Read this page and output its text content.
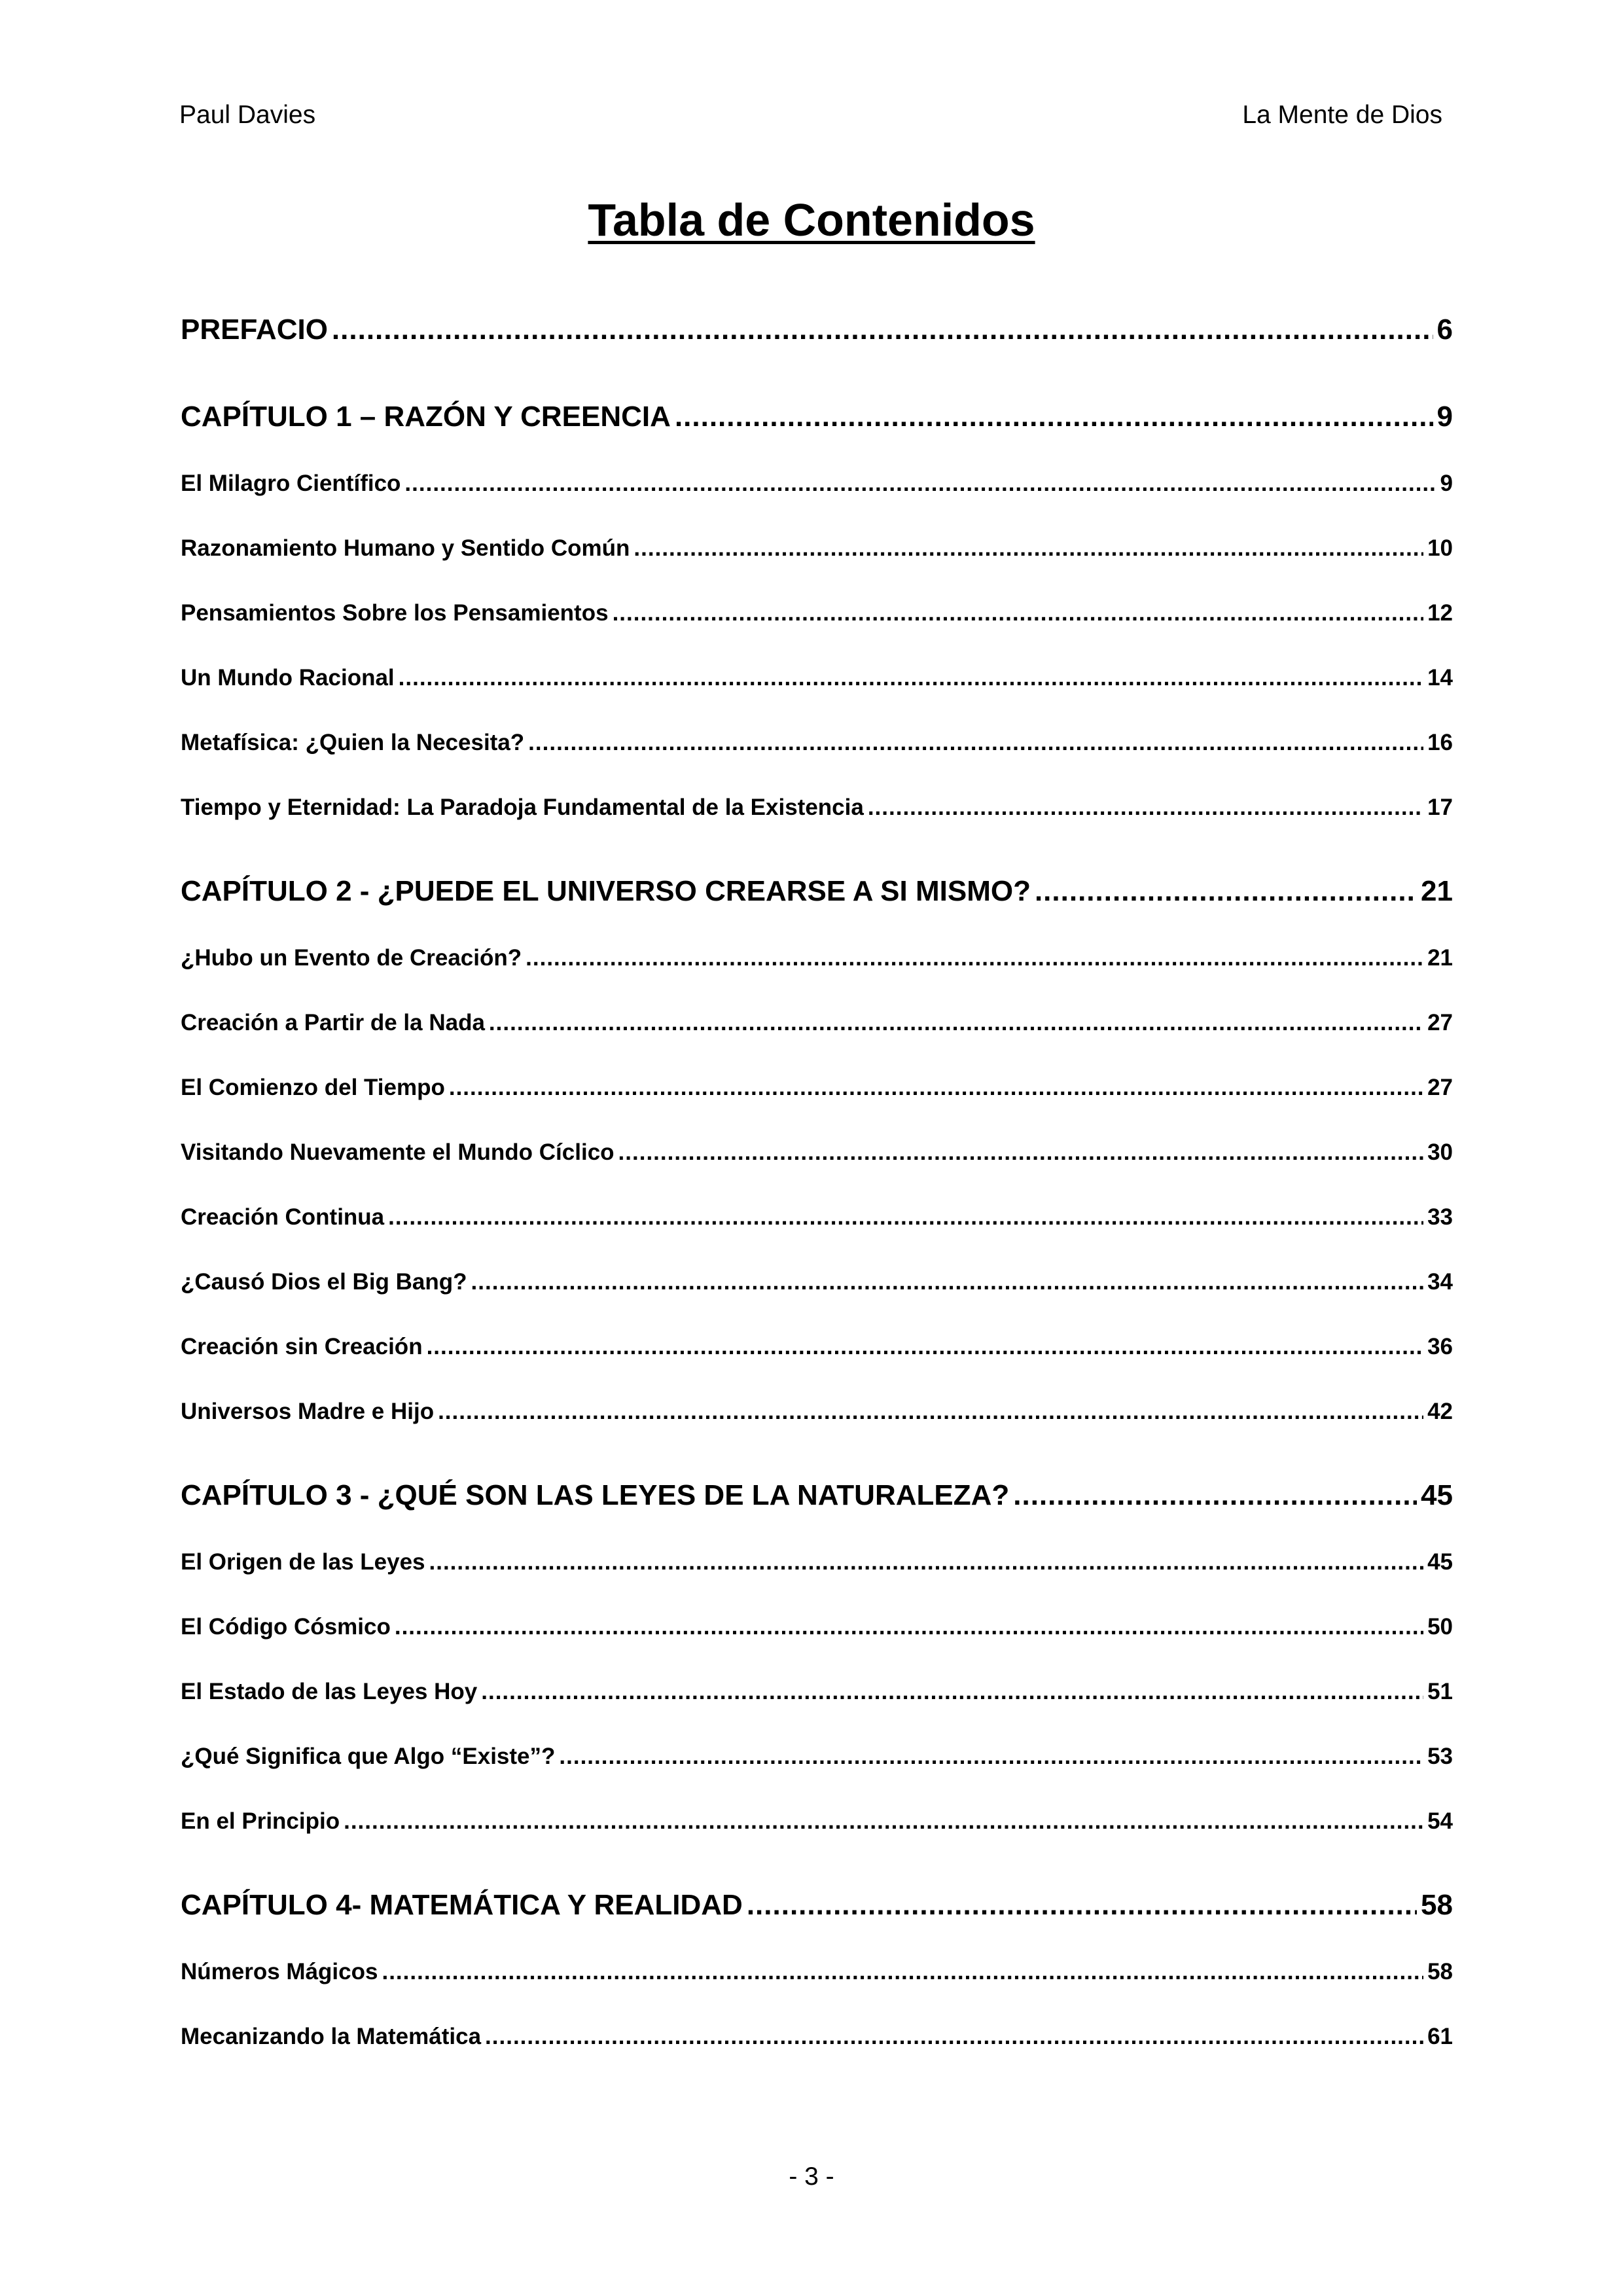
Paul Davies	La Mente de Dios
Tabla de Contenidos
PREFACIO .....	6
CAPÍTULO 1 – RAZÓN Y CREENCIA .....	9
El Milagro Científico .....	9
Razonamiento Humano y Sentido Común .....	10
Pensamientos Sobre los Pensamientos .....	12
Un Mundo Racional .....	14
Metafísica: ¿Quien la Necesita? .....	16
Tiempo y Eternidad: La Paradoja Fundamental de la Existencia .....	17
CAPÍTULO 2 - ¿PUEDE EL UNIVERSO CREARSE A SI MISMO? .....	21
¿Hubo un Evento de Creación? .....	21
Creación a Partir de la Nada .....	27
El Comienzo del Tiempo .....	27
Visitando Nuevamente el Mundo Cíclico .....	30
Creación Continua .....	33
¿Causó Dios el Big Bang? .....	34
Creación sin Creación .....	36
Universos Madre e Hijo .....	42
CAPÍTULO 3 - ¿QUÉ SON LAS LEYES DE LA NATURALEZA? .....	45
El Origen de las Leyes .....	45
El Código Cósmico .....	50
El Estado de las Leyes Hoy .....	51
¿Qué Significa que Algo “Existe”? .....	53
En el Principio .....	54
CAPÍTULO 4- MATEMÁTICA Y REALIDAD .....	58
Números Mágicos .....	58
Mecanizando la Matemática .....	61
- 3 -
